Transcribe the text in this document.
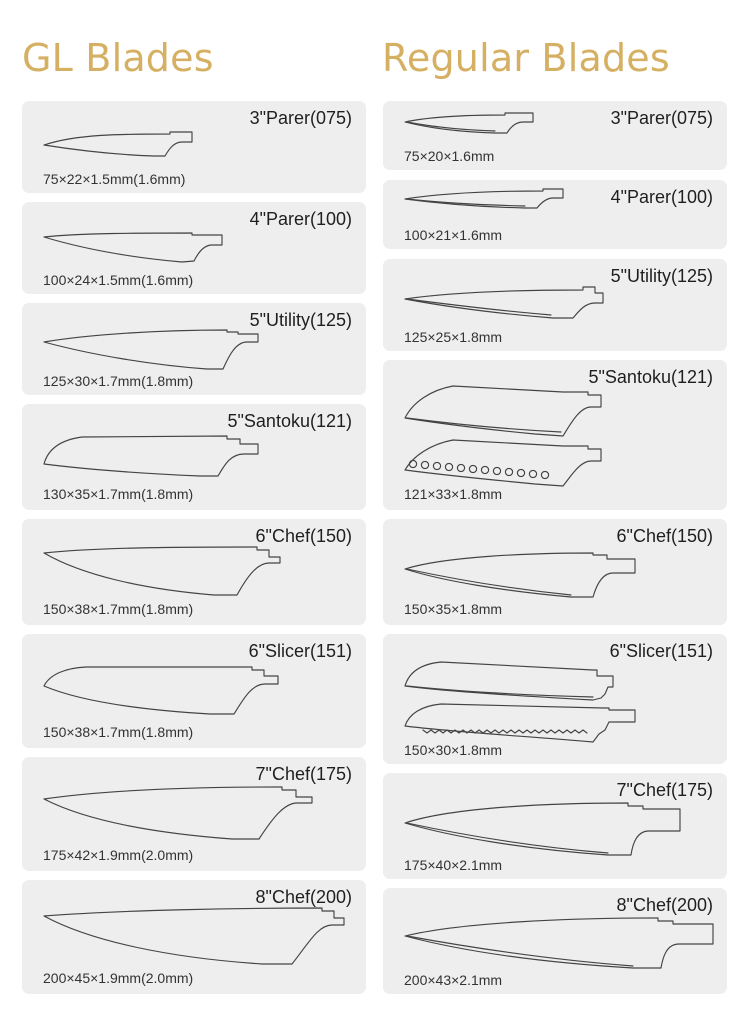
GL Blades	Regular Blades
3"Parer(075)
75×22×1.5mm(1.6mm)
4"Parer(100)
100×24×1.5mm(1.6mm)
5"Utility(125)
125×30×1.7mm(1.8mm)
5"Santoku(121)
130×35×1.7mm(1.8mm)
6"Chef(150)
150×38×1.7mm(1.8mm)
6"Slicer(151)
150×38×1.7mm(1.8mm)
7"Chef(175)
175×42×1.9mm(2.0mm)
8"Chef(200)
200×45×1.9mm(2.0mm)
3"Parer(075)
75×20×1.6mm
4"Parer(100)
100×21×1.6mm
5"Utility(125)
125×25×1.8mm
5"Santoku(121)
121×33×1.8mm
6"Chef(150)
150×35×1.8mm
6"Slicer(151)
150×30×1.8mm
7"Chef(175)
175×40×2.1mm
8"Chef(200)
200×43×2.1mm
